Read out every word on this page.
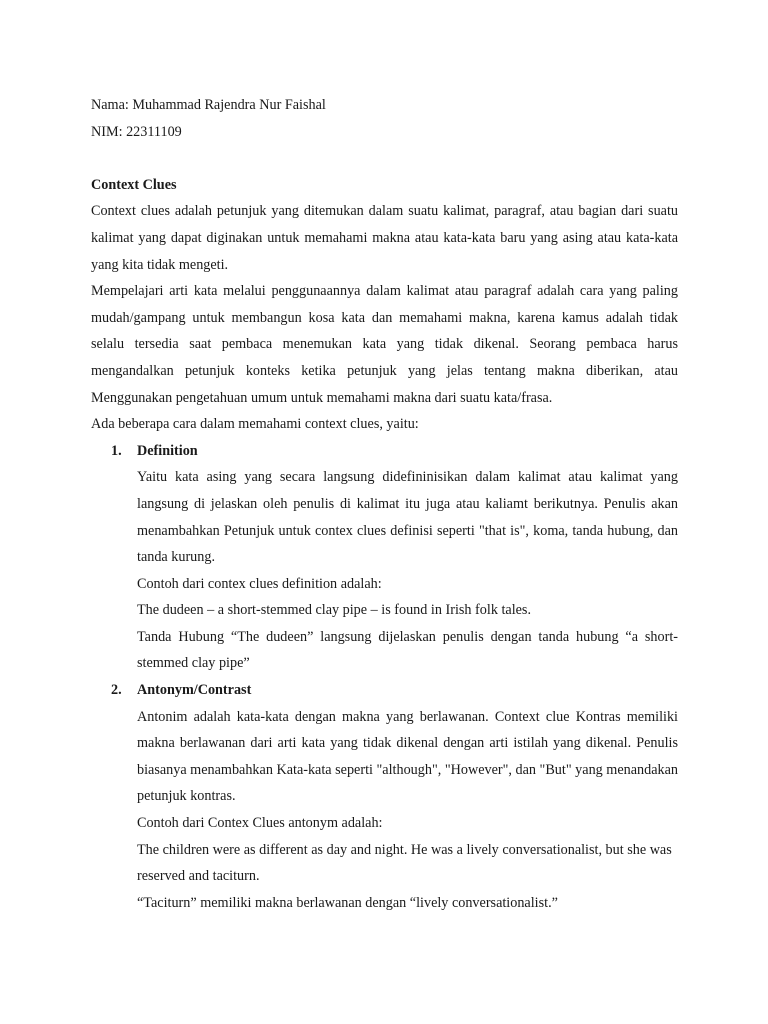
Nama: Muhammad Rajendra Nur Faishal

NIM: 22311109

Context Clues

Context clues adalah petunjuk yang ditemukan dalam suatu kalimat, paragraf, atau bagian dari suatu kalimat yang dapat diginakan untuk memahami makna atau kata-kata baru yang asing atau kata-kata yang kita tidak mengeti.

Mempelajari arti kata melalui penggunaannya dalam kalimat atau paragraf adalah cara yang paling mudah/gampang untuk membangun kosa kata dan memahami makna, karena kamus adalah tidak selalu tersedia saat pembaca menemukan kata yang tidak dikenal. Seorang pembaca harus mengandalkan petunjuk konteks ketika petunjuk yang jelas tentang makna diberikan, atau Menggunakan pengetahuan umum untuk memahami makna dari suatu kata/frasa.

Ada beberapa cara dalam memahami context clues, yaitu:

1. Definition

Yaitu kata asing yang secara langsung didefininisikan dalam kalimat atau kalimat yang langsung di jelaskan oleh penulis di kalimat itu juga atau kaliamt berikutnya. Penulis akan menambahkan Petunjuk untuk contex clues definisi seperti "that is", koma, tanda hubung, dan tanda kurung.

Contoh dari contex clues definition adalah:

The dudeen – a short-stemmed clay pipe – is found in Irish folk tales.

Tanda Hubung “The dudeen” langsung dijelaskan penulis dengan tanda hubung “a short-stemmed clay pipe”

2. Antonym/Contrast

Antonim adalah kata-kata dengan makna yang berlawanan. Context clue Kontras memiliki makna berlawanan dari arti kata yang tidak dikenal dengan arti istilah yang dikenal. Penulis biasanya menambahkan Kata-kata seperti "although", "However", dan "But" yang menandakan petunjuk kontras.

Contoh dari Contex Clues antonym adalah:

The children were as different as day and night. He was a lively conversationalist, but she was reserved and taciturn.

“Taciturn” memiliki makna berlawanan dengan “lively conversationalist.”
